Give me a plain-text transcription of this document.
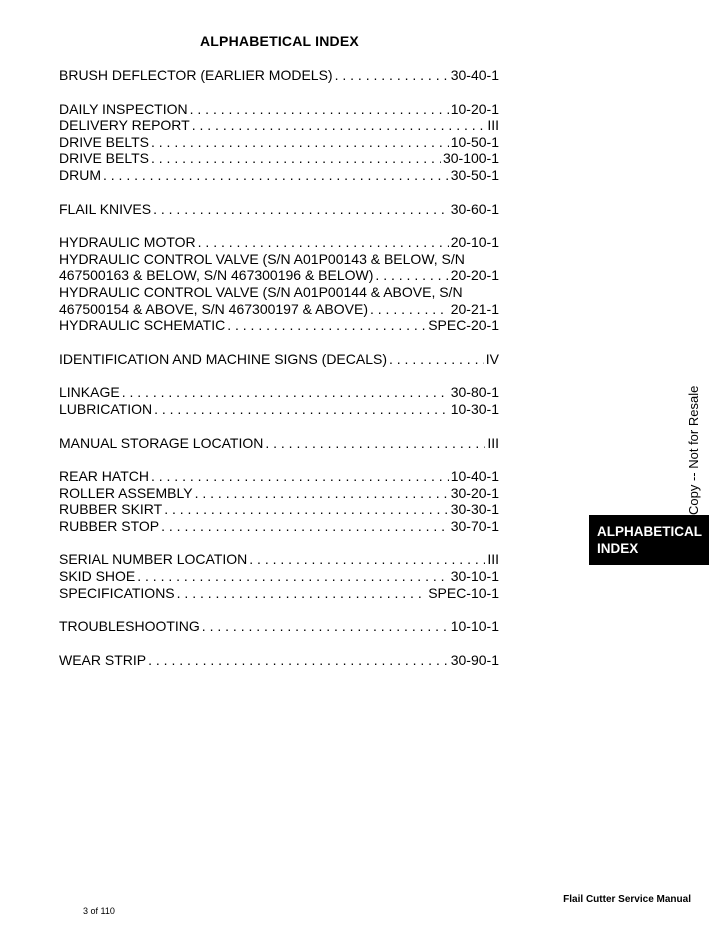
ALPHABETICAL INDEX
BRUSH DEFLECTOR (EARLIER MODELS) . . .	30-40-1
DAILY INSPECTION . . .	10-20-1
DELIVERY REPORT . . .	III
DRIVE BELTS . . .	10-50-1
DRIVE BELTS . . .	30-100-1
DRUM . . .	30-50-1
FLAIL KNIVES . . .	30-60-1
HYDRAULIC MOTOR . . .	20-10-1
HYDRAULIC CONTROL VALVE (S/N A01P00143 & BELOW, S/N
467500163 & BELOW, S/N 467300196 & BELOW) . . .	20-20-1
HYDRAULIC CONTROL VALVE (S/N A01P00144 & ABOVE, S/N
467500154 & ABOVE, S/N 467300197 & ABOVE) . . .	20-21-1
HYDRAULIC SCHEMATIC . . .	SPEC-20-1
IDENTIFICATION AND MACHINE SIGNS (DECALS) . . .	IV
LINKAGE . . .	30-80-1
LUBRICATION . . .	10-30-1
MANUAL STORAGE LOCATION . . .	III
REAR HATCH . . .	10-40-1
ROLLER ASSEMBLY . . .	30-20-1
RUBBER SKIRT . . .	30-30-1
RUBBER STOP . . .	30-70-1
SERIAL NUMBER LOCATION . . .	III
SKID SHOE . . .	30-10-1
SPECIFICATIONS . . .	SPEC-10-1
TROUBLESHOOTING . . .	10-10-1
WEAR STRIP . . .	30-90-1
Copy -- Not for Resale
ALPHABETICAL
INDEX
Flail Cutter Service Manual
3 of 110
